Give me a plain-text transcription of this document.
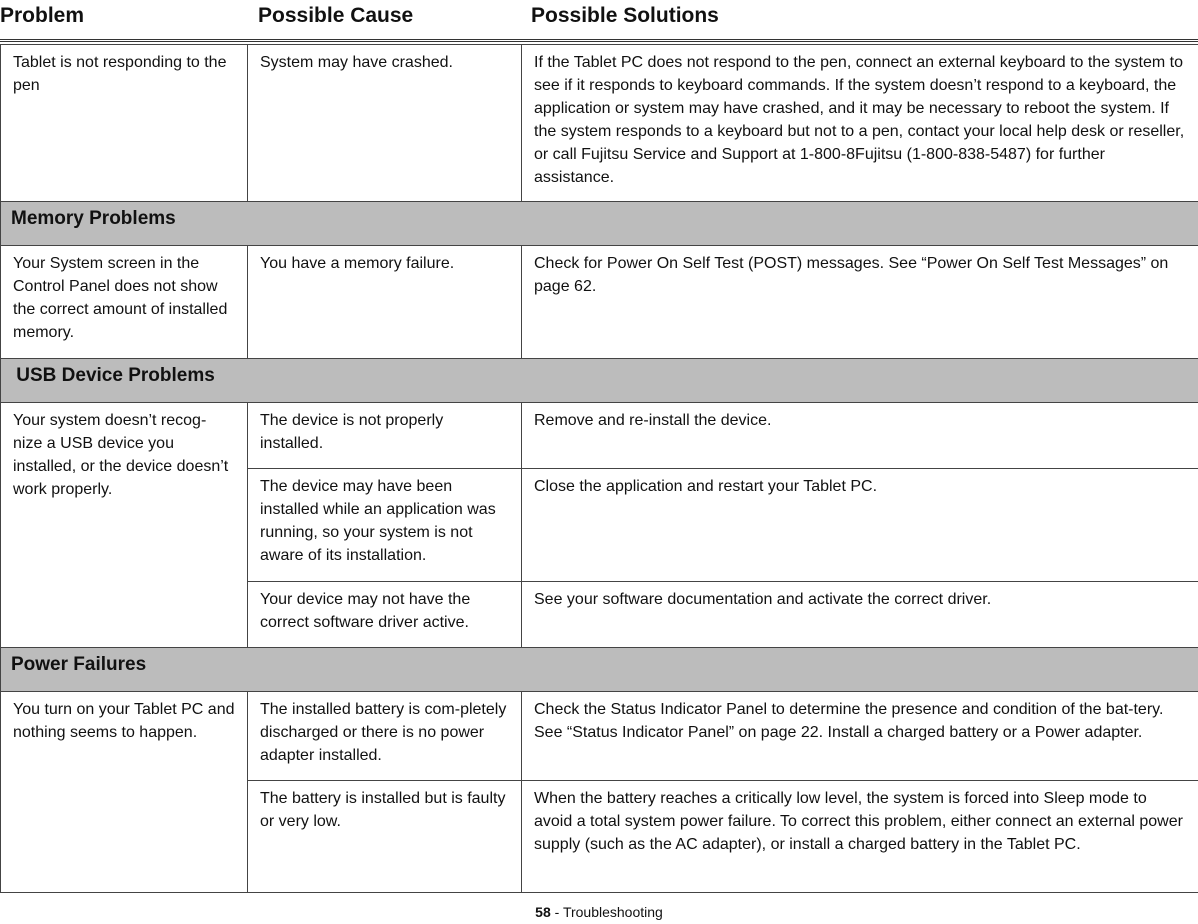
Problem	Possible Cause	Possible Solutions
Tablet is not responding to the pen	System may have crashed.	If the Tablet PC does not respond to the pen, connect an external keyboard to the system to see if it responds to keyboard commands. If the system doesn’t respond to a keyboard, the application or system may have crashed, and it may be necessary to reboot the system. If the system responds to a keyboard but not to a pen, contact your local help desk or reseller, or call Fujitsu Service and Support at 1-800-8Fujitsu (1-800-838-5487) for further assistance.
Memory Problems		
Your System screen in the Control Panel does not show the correct amount of installed memory.	You have a memory failure.	Check for Power On Self Test (POST) messages. See “Power On Self Test Messages” on page 62.
USB Device Problems		
Your system doesn’t recog-nize a USB device you installed, or the device doesn’t work properly.	The device is not properly installed.	Remove and re-install the device.
	The device may have been installed while an application was running, so your system is not aware of its installation.	Close the application and restart your Tablet PC.
	Your device may not have the correct software driver active.	See your software documentation and activate the correct driver.
Power Failures		
You turn on your Tablet PC and nothing seems to happen.	The installed battery is com-pletely discharged or there is no power adapter installed.	Check the Status Indicator Panel to determine the presence and condition of the bat-tery. See “Status Indicator Panel” on page 22. Install a charged battery or a Power adapter.
	The battery is installed but is faulty or very low.	When the battery reaches a critically low level, the system is forced into Sleep mode to avoid a total system power failure. To correct this problem, either connect an external power supply (such as the AC adapter), or install a charged battery in the Tablet PC.
58 - Troubleshooting
